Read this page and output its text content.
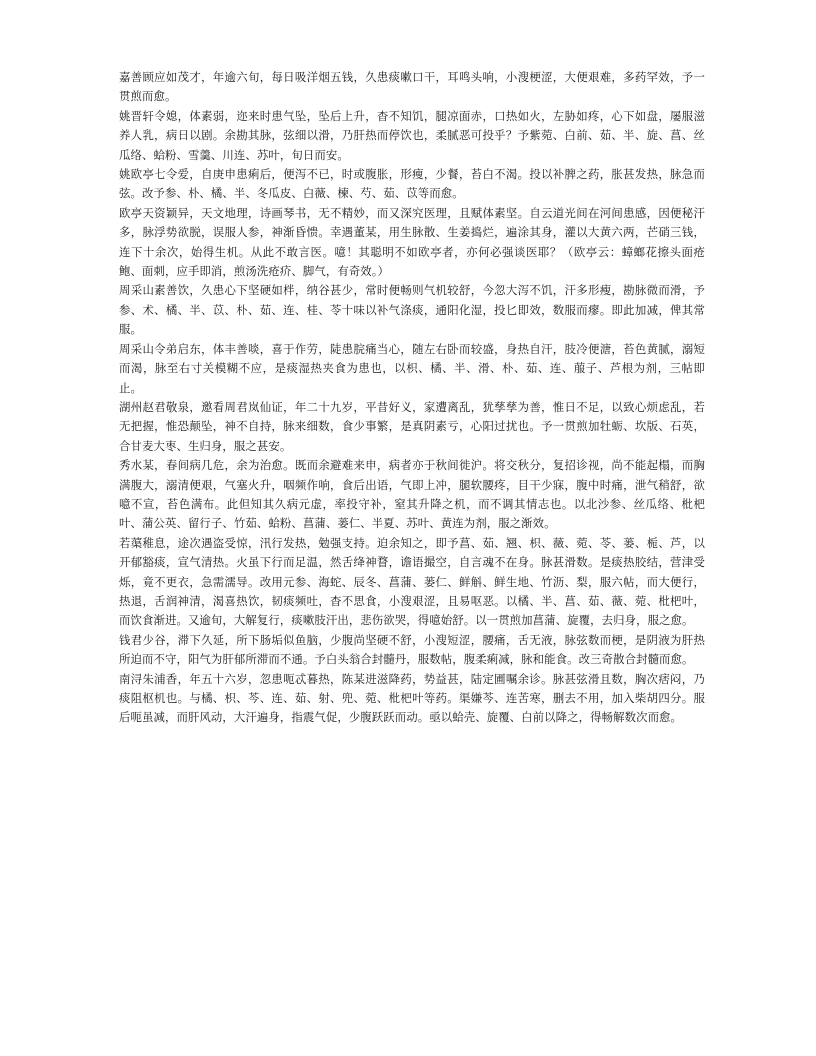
嘉善顾应如茂才，年逾六旬，每日吸洋烟五钱，久患痰嗽口干，耳鸣头响，小溲梗涩，大便艰难，多药罕效，予一贯煎而愈。

姚晋轩令媳，体素弱，迩来时患气坠，坠后上升，杳不知饥，腿凉面赤，口热如火，左胁如疼，心下如盘，屡服滋养人乳，病日以剧。余勘其脉，弦细以滑，乃肝热而停饮也，柔腻恶可投乎？予紫菀、白前、茹、半、旋、菖、丝瓜络、蛤粉、雪羹、川连、苏叶，旬日而安。

姚欧亭七令爱，自庚申患痢后，便泻不已，时或腹胀，形瘦，少餐，苔白不渴。投以补脾之药，胀甚发热，脉急而弦。改予参、朴、橘、半、冬瓜皮、白薇、楝、芍、茹、苡等而愈。

欧亭天资颖异，天文地理，诗画琴书，无不精妙，而又深究医理，且赋体素坚。自云道光间在河间患感，因便秘汗多，脉浮势欲脱，误服人参，神渐昏愦。幸遇董某，用生脉散、生姜捣烂，遍涂其身，灌以大黄六两，芒硝三钱，连下十余次，始得生机。从此不敢言医。噫！其聪明不如欧亭者，亦何必强谈医耶？（欧亭云：蟑螂花擦头面疮鲍、面刺，应手即消，煎汤洗疮疥、脚气，有奇效。）

周采山素善饮，久患心下坚硬如柈，纳谷甚少，常时便畅则气机较舒，今忽大泻不饥，汗多形瘦，勘脉微而滑，予参、术、橘、半、苡、朴、茹、连、桂、苓十味以补气涤痰，通阳化湿，投匕即效，数服而瘳。即此加减，俾其常服。

周采山令弟启东，体丰善啖，喜于作劳，陡患脘痛当心，随左右卧而较盛，身热自汗，肢冷便溏，苔色黄腻，溺短而渴，脉至右寸关模糊不应，是痰湿热夹食为患也，以枳、橘、半、滑、朴、茹、连、菔子、芦根为剂，三帖即止。

湖州赵君敬泉，邀看周君岚仙证，年二十九岁，平昔好义，家遭离乱，犹孳孳为善，惟日不足，以致心烦虑乱，若无把握，惟恐颠坠，神不自持，脉来细数，食少事繁，是真阴素亏，心阳过扰也。予一贯煎加牡蛎、坎版、石英，合甘麦大枣、生归身，服之甚安。

秀水某，春间病几危，余为治愈。既而余避难来申，病者亦于秋间徙沪。将交秋分，复招诊视，尚不能起榻，而胸满腹大，溺清便艰，气塞火升，咽频作响，食后出语，气即上冲，腿软腰疼，目干少寐，腹中时痛，泄气稍舒，欲噫不宣，苔色满布。此但知其久病元虚，率投守补，窒其升降之机，而不调其情志也。以北沙参、丝瓜络、枇杷叶、蒲公英、留行子、竹茹、蛤粉、菖蒲、蒌仁、半夏、苏叶、黄连为剂，服之渐效。

若蕖稚息，途次遇盗受惊，汛行发热，勉强支持。迫余知之，即予菖、茹、翘、枳、薇、菀、苓、蒌、栀、芦，以开郁豁痰，宣气清热。火虽下行而足温，然舌绛神瞀，谵语撮空，自言魂不在身。脉甚滑数。是痰热胶结，营津受烁，竟不更衣，急需濡导。改用元参、海蛇、辰冬、菖蒲、蒌仁、鲜斛、鲜生地、竹沥、梨，服六帖，而大便行，热退，舌润神清，渴喜热饮，韧痰频吐，杳不思食，小溲艰涩，且易呕恶。以橘、半、菖、茹、薇、菀、枇杷叶，而饮食渐进。又逾旬，大解复行，痰嗽肢汗出，悲伤欲哭，得噫始舒。以一贯煎加菖蒲、旋覆，去归身，服之愈。

钱君少谷，滞下久延，所下肠垢似鱼脑，少腹尚坚硬不舒，小溲短涩，腰痛，舌无液，脉弦数而梗，是阴液为肝热所迫而不守，阳气为肝郁所滞而不通。予白头翁合封髓丹，服数帖，腹柔痢减，脉和能食。改三奇散合封髓而愈。

南浔朱浦香，年五十六岁，忽患呃忒暮热，陈某进滋降药，势益甚，陆定圃嘱余诊。脉甚弦滑且数，胸次痞闷，乃痰阻枢机也。与橘、枳、芩、连、茹、射、兜、菀、枇杷叶等药。渠嫌芩、连苦寒，删去不用，加入柴胡四分。服后呃虽减，而肝风动，大汗遍身，指震气促，少腹跃跃而动。亟以蛤壳、旋覆、白前以降之，得畅解数次而愈。
